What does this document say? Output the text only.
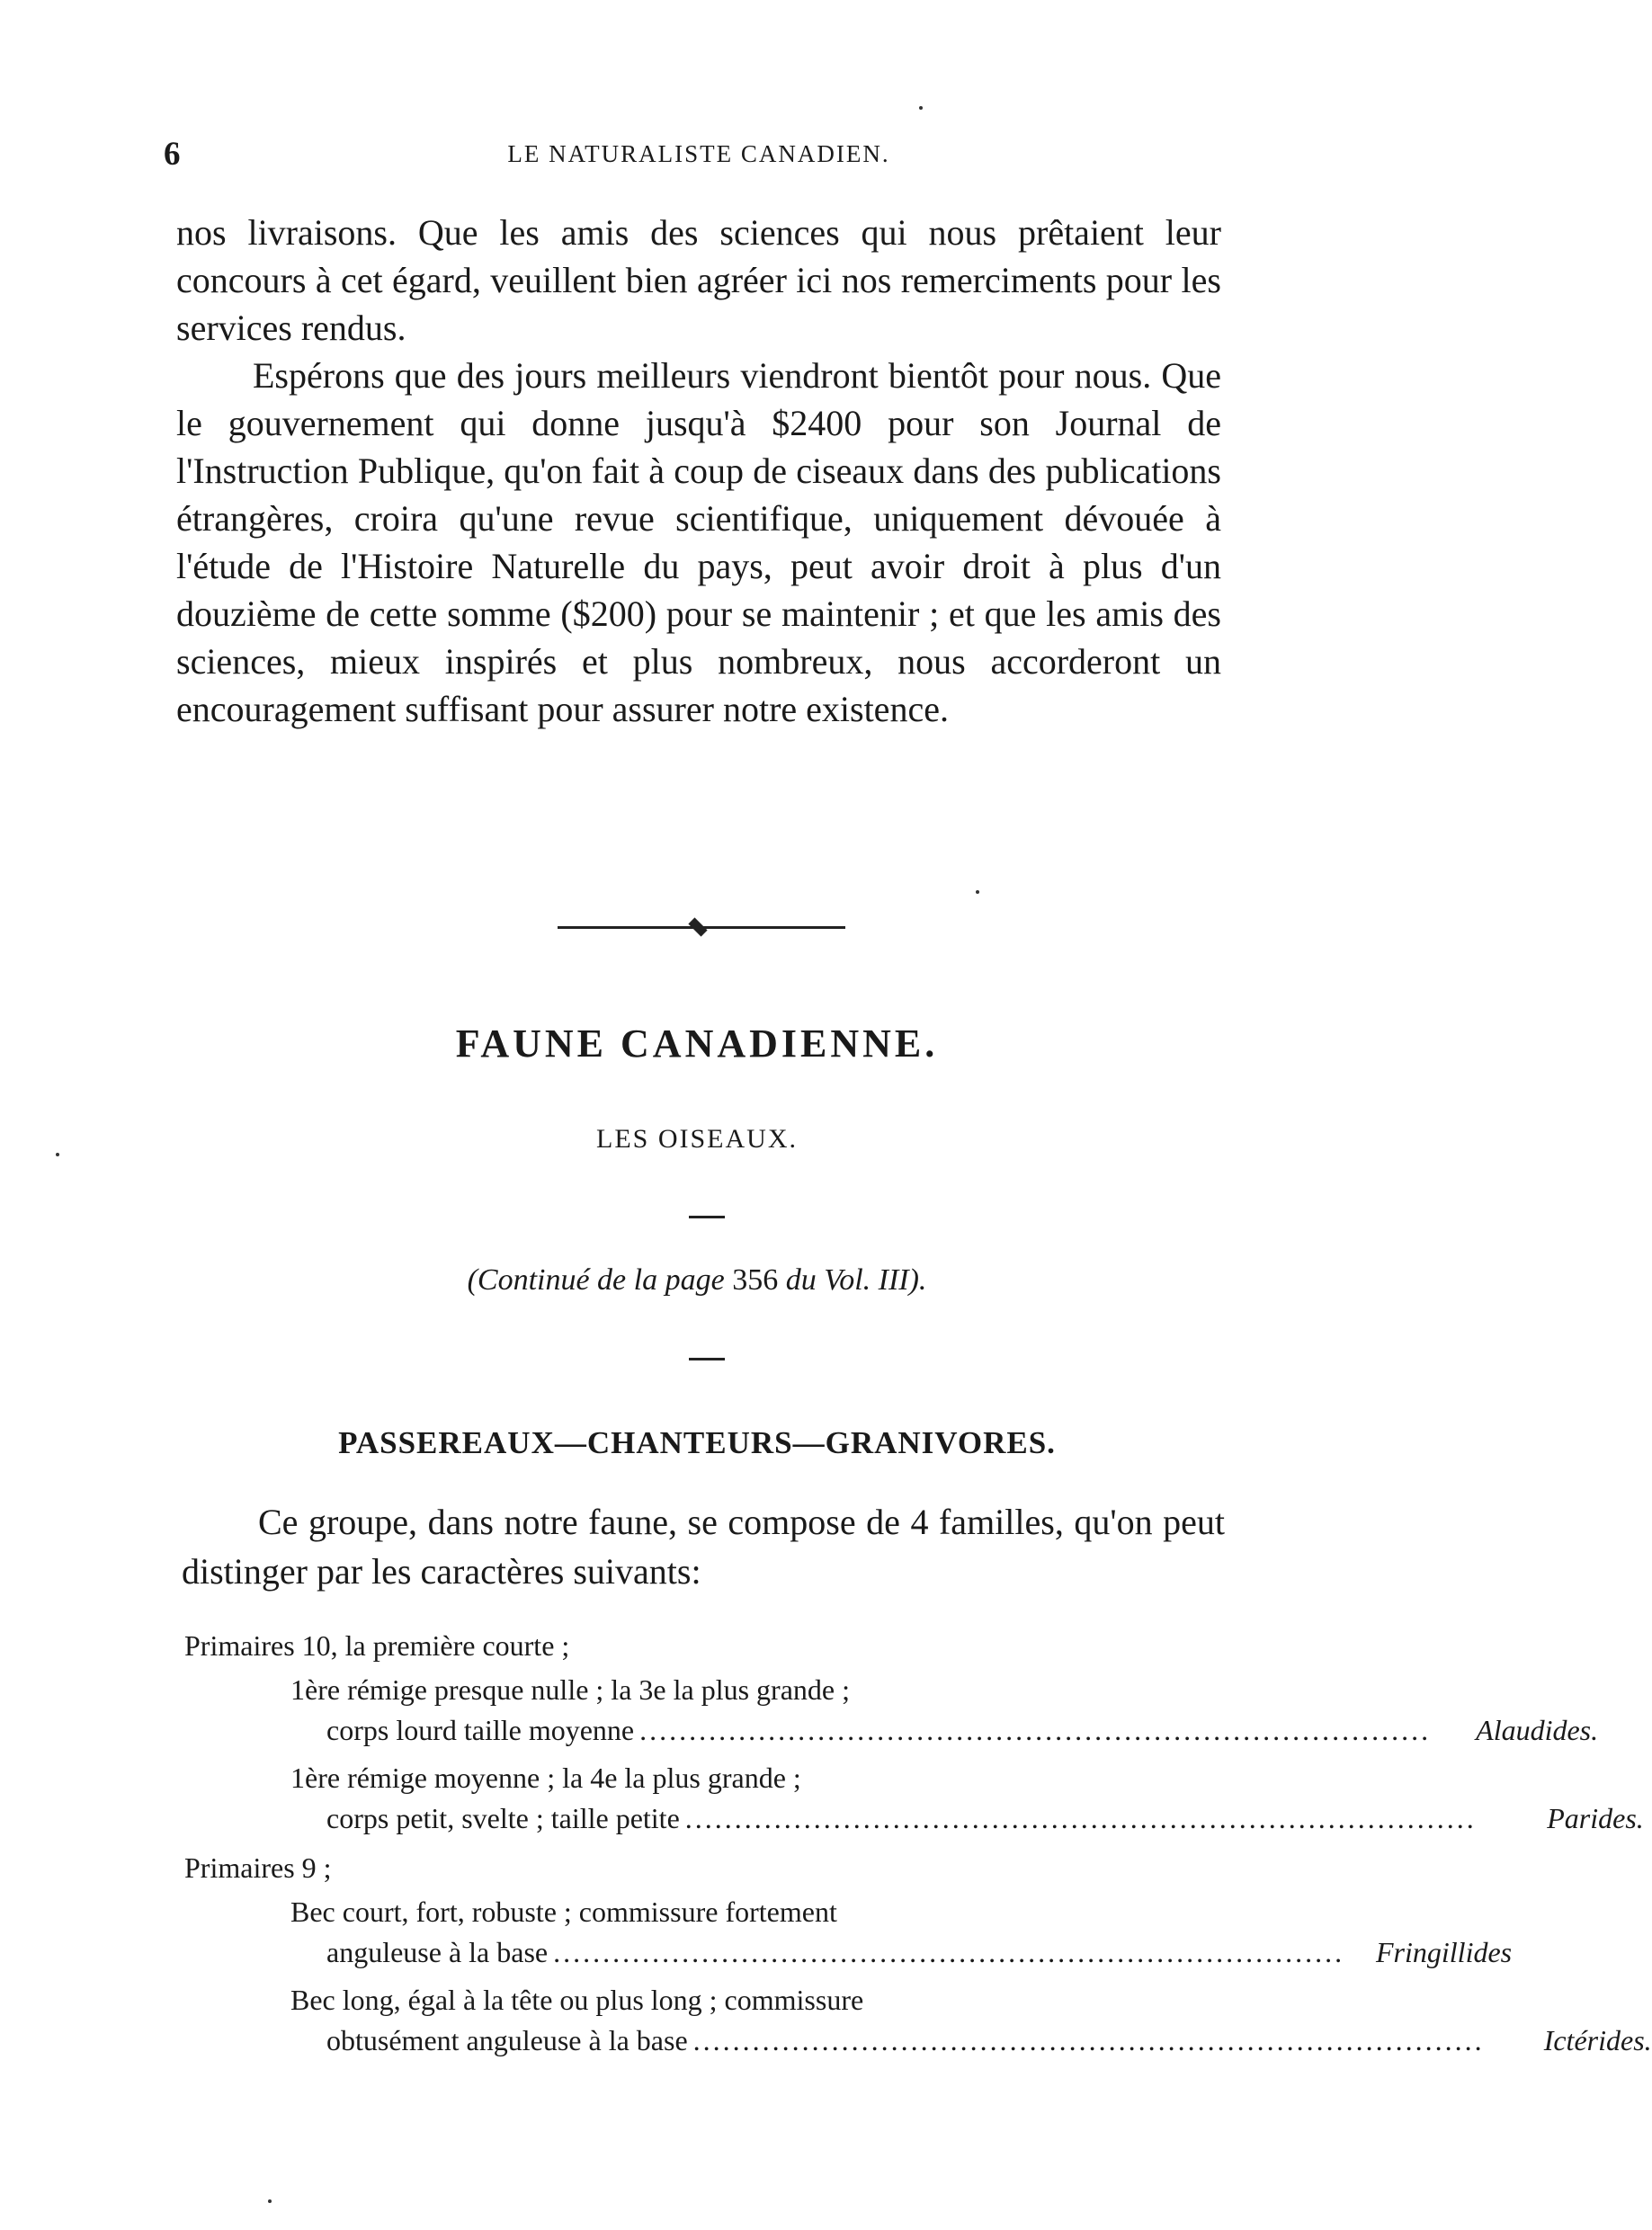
6	LE NATURALISTE CANADIEN.

nos livraisons. Que les amis des sciences qui nous prêtaient leur concours à cet égard, veuillent bien agréer ici nos remerciments pour les services rendus.

Espérons que des jours meilleurs viendront bientôt pour nous. Que le gouvernement qui donne jusqu'à $2400 pour son Journal de l'Instruction Publique, qu'on fait à coup de ciseaux dans des publications étrangères, croira qu'une revue scientifique, uniquement dévouée à l'étude de l'Histoire Naturelle du pays, peut avoir droit à plus d'un douzième de cette somme ($200) pour se maintenir ; et que les amis des sciences, mieux inspirés et plus nombreux, nous accorderont un encouragement suffisant pour assurer notre existence.

FAUNE CANADIENNE.
LES OISEAUX.
(Continué de la page 356 du Vol. III).
PASSEREAUX—CHANTEURS—GRANIVORES.

Ce groupe, dans notre faune, se compose de 4 familles, qu'on peut distinger par les caractères suivants:

Primaires 10, la première courte ;
1ère rémige presque nulle ; la 3e la plus grande ;
corps lourd taille moyenne ................................................................................	Alaudides.
1ère rémige moyenne ; la 4e la plus grande ;
corps petit, svelte ; taille petite ................................................................................	Parides.
Primaires 9 ;
Bec court, fort, robuste ; commissure fortement
anguleuse à la base ................................................................................	Fringillides
Bec long, égal à la tête ou plus long ; commissure
obtusément anguleuse à la base ................................................................................	Ictérides.
